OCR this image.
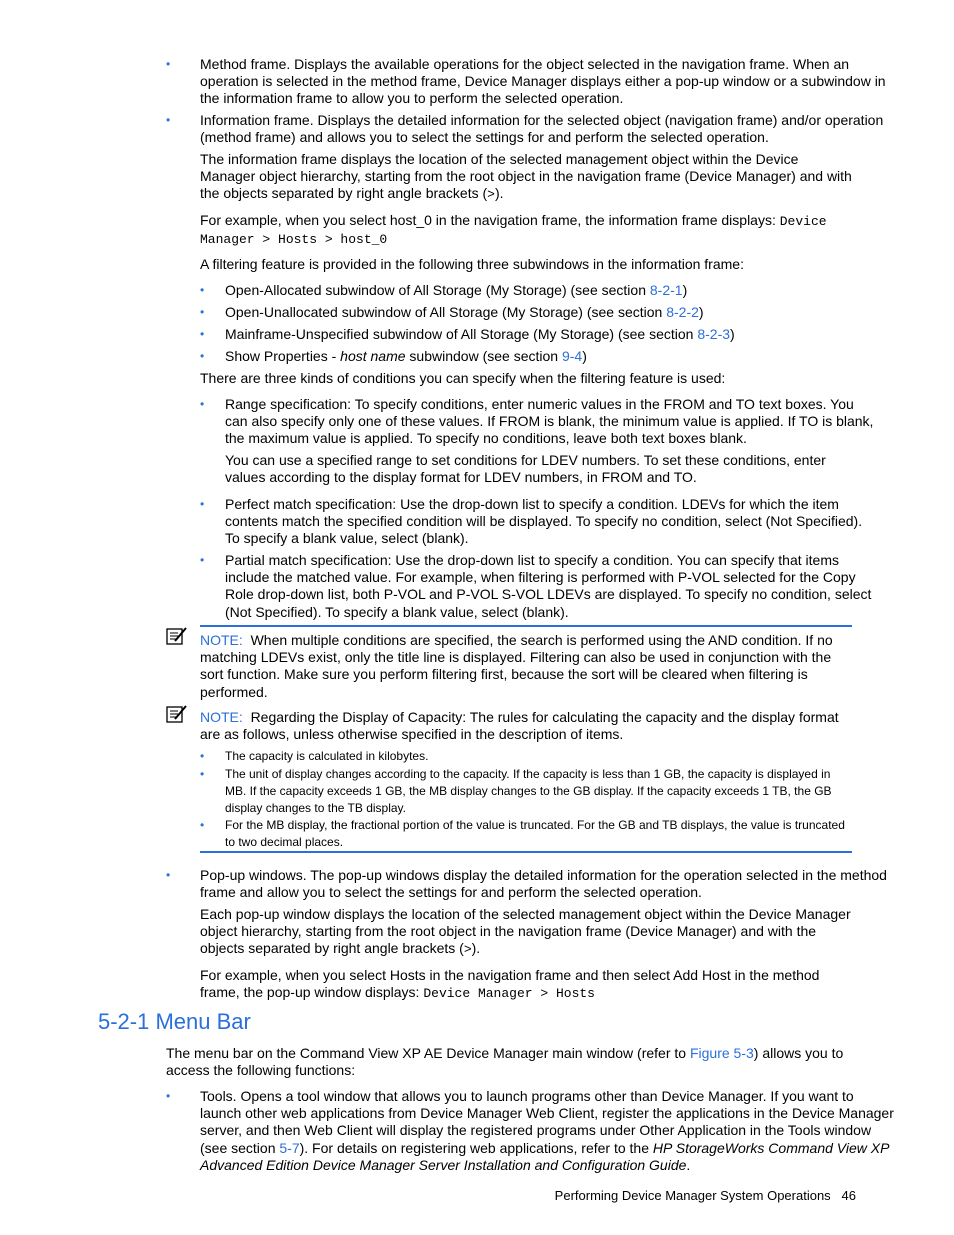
• Method frame. Displays the available operations for the object selected in the navigation frame. When an operation is selected in the method frame, Device Manager displays either a pop-up window or a subwindow in the information frame to allow you to perform the selected operation.

• Information frame. Displays the detailed information for the selected object (navigation frame) and/or operation (method frame) and allows you to select the settings for and perform the selected operation.

The information frame displays the location of the selected management object within the Device Manager object hierarchy, starting from the root object in the navigation frame (Device Manager) and with the objects separated by right angle brackets (>).

For example, when you select host_0 in the navigation frame, the information frame displays: Device Manager > Hosts > host_0

A filtering feature is provided in the following three subwindows in the information frame:

• Open-Allocated subwindow of All Storage (My Storage) (see section 8-2-1)

• Open-Unallocated subwindow of All Storage (My Storage) (see section 8-2-2)

• Mainframe-Unspecified subwindow of All Storage (My Storage) (see section 8-2-3)

• Show Properties - host name subwindow (see section 9-4)

There are three kinds of conditions you can specify when the filtering feature is used:

• Range specification: To specify conditions, enter numeric values in the FROM and TO text boxes. You can also specify only one of these values. If FROM is blank, the minimum value is applied. If TO is blank, the maximum value is applied. To specify no conditions, leave both text boxes blank.

You can use a specified range to set conditions for LDEV numbers. To set these conditions, enter values according to the display format for LDEV numbers, in FROM and TO.

• Perfect match specification: Use the drop-down list to specify a condition. LDEVs for which the item contents match the specified condition will be displayed. To specify no condition, select (Not Specified). To specify a blank value, select (blank).

• Partial match specification: Use the drop-down list to specify a condition. You can specify that items include the matched value. For example, when filtering is performed with P-VOL selected for the Copy Role drop-down list, both P-VOL and P-VOL S-VOL LDEVs are displayed. To specify no condition, select (Not Specified). To specify a blank value, select (blank).

NOTE: When multiple conditions are specified, the search is performed using the AND condition. If no matching LDEVs exist, only the title line is displayed. Filtering can also be used in conjunction with the sort function. Make sure you perform filtering first, because the sort will be cleared when filtering is performed.

NOTE: Regarding the Display of Capacity: The rules for calculating the capacity and the display format are as follows, unless otherwise specified in the description of items.

• The capacity is calculated in kilobytes.

• The unit of display changes according to the capacity. If the capacity is less than 1 GB, the capacity is displayed in MB. If the capacity exceeds 1 GB, the MB display changes to the GB display. If the capacity exceeds 1 TB, the GB display changes to the TB display.

• For the MB display, the fractional portion of the value is truncated. For the GB and TB displays, the value is truncated to two decimal places.

• Pop-up windows. The pop-up windows display the detailed information for the operation selected in the method frame and allow you to select the settings for and perform the selected operation.

Each pop-up window displays the location of the selected management object within the Device Manager object hierarchy, starting from the root object in the navigation frame (Device Manager) and with the objects separated by right angle brackets (>).

For example, when you select Hosts in the navigation frame and then select Add Host in the method frame, the pop-up window displays: Device Manager > Hosts

5-2-1 Menu Bar

The menu bar on the Command View XP AE Device Manager main window (refer to Figure 5-3) allows you to access the following functions:

• Tools. Opens a tool window that allows you to launch programs other than Device Manager. If you want to launch other web applications from Device Manager Web Client, register the applications in the Device Manager server, and then Web Client will display the registered programs under Other Application in the Tools window (see section 5-7). For details on registering web applications, refer to the HP StorageWorks Command View XP Advanced Edition Device Manager Server Installation and Configuration Guide.

Performing Device Manager System Operations 46
